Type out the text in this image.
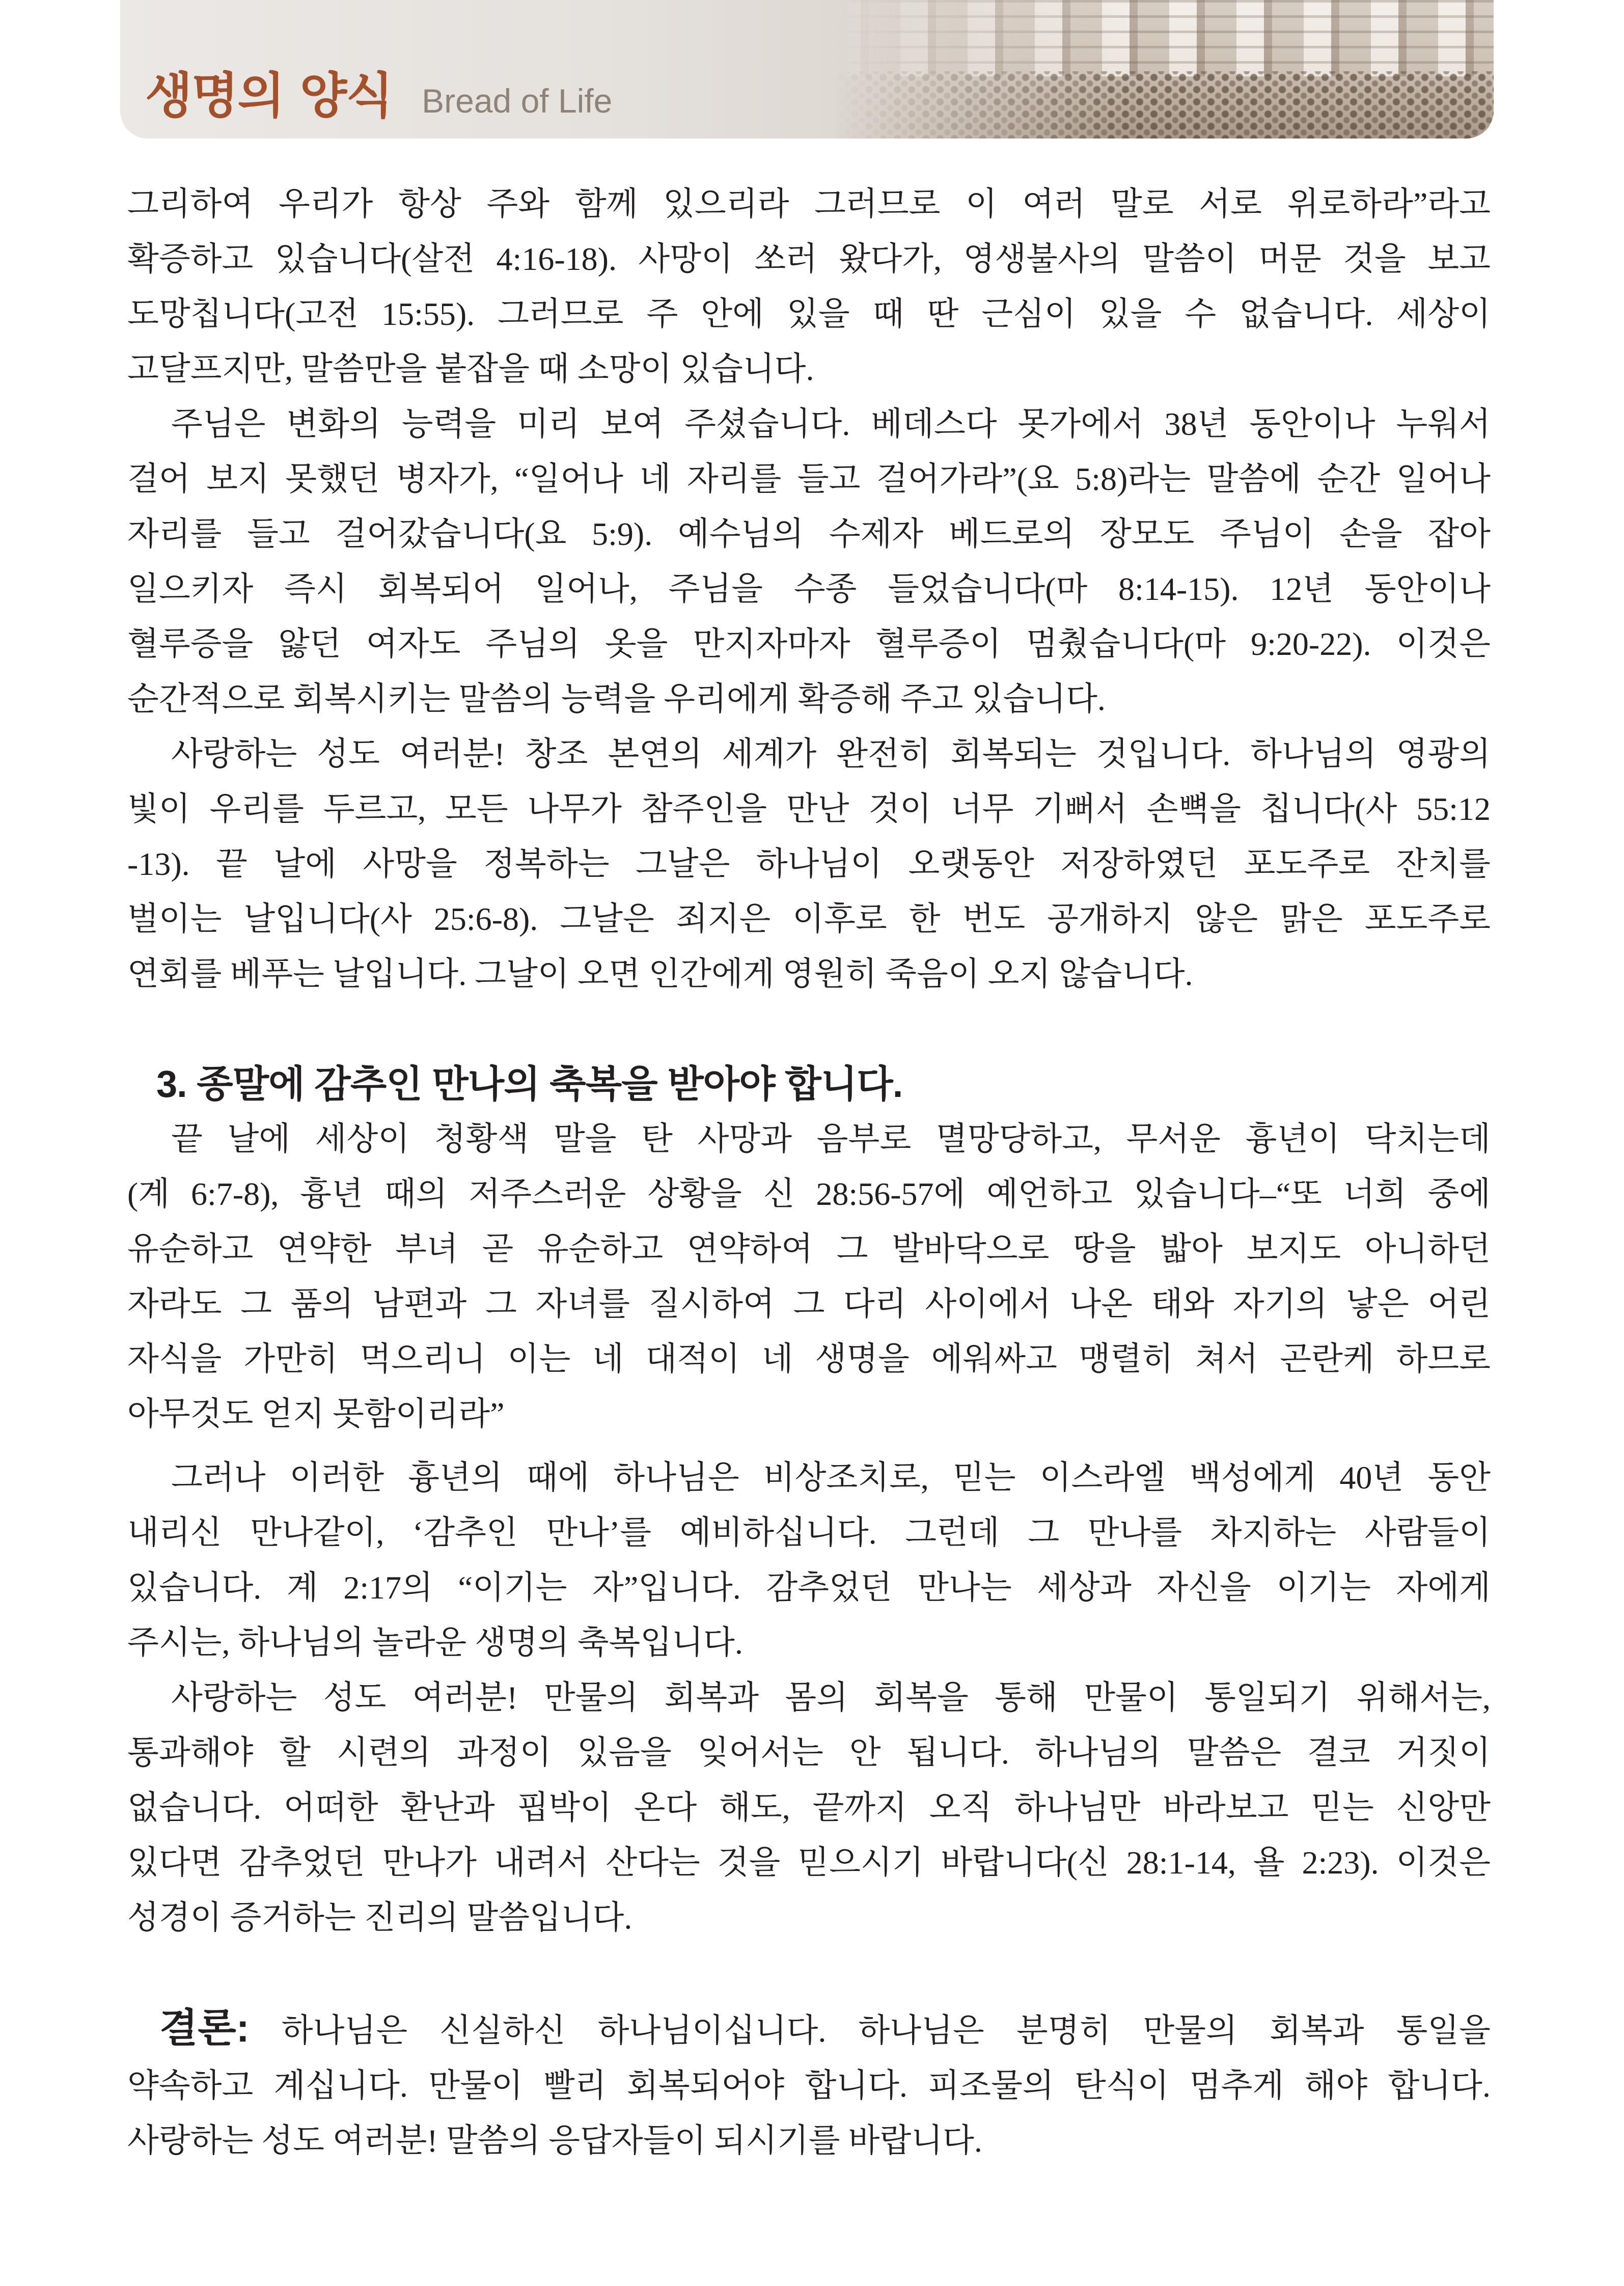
생명의 양식 Bread of Life
그리하여 우리가 항상 주와 함께 있으리라 그러므로 이 여러 말로 서로 위로하라”라고
확증하고 있습니다(살전 4:16-18). 사망이 쏘러 왔다가, 영생불사의 말씀이 머문 것을 보고
도망칩니다(고전 15:55). 그러므로 주 안에 있을 때 딴 근심이 있을 수 없습니다. 세상이
고달프지만, 말씀만을 붙잡을 때 소망이 있습니다.
주님은 변화의 능력을 미리 보여 주셨습니다. 베데스다 못가에서 38년 동안이나 누워서
걸어 보지 못했던 병자가, “일어나 네 자리를 들고 걸어가라”(요 5:8)라는 말씀에 순간 일어나
자리를 들고 걸어갔습니다(요 5:9). 예수님의 수제자 베드로의 장모도 주님이 손을 잡아
일으키자 즉시 회복되어 일어나, 주님을 수종 들었습니다(마 8:14-15). 12년 동안이나
혈루증을 앓던 여자도 주님의 옷을 만지자마자 혈루증이 멈췄습니다(마 9:20-22). 이것은
순간적으로 회복시키는 말씀의 능력을 우리에게 확증해 주고 있습니다.
사랑하는 성도 여러분! 창조 본연의 세계가 완전히 회복되는 것입니다. 하나님의 영광의
빛이 우리를 두르고, 모든 나무가 참주인을 만난 것이 너무 기뻐서 손뼉을 칩니다(사 55:12
-13). 끝 날에 사망을 정복하는 그날은 하나님이 오랫동안 저장하였던 포도주로 잔치를
벌이는 날입니다(사 25:6-8). 그날은 죄지은 이후로 한 번도 공개하지 않은 맑은 포도주로
연회를 베푸는 날입니다. 그날이 오면 인간에게 영원히 죽음이 오지 않습니다.
3. 종말에 감추인 만나의 축복을 받아야 합니다.
끝 날에 세상이 청황색 말을 탄 사망과 음부로 멸망당하고, 무서운 흉년이 닥치는데
(계 6:7-8), 흉년 때의 저주스러운 상황을 신 28:56-57에 예언하고 있습니다–“또 너희 중에
유순하고 연약한 부녀 곧 유순하고 연약하여 그 발바닥으로 땅을 밟아 보지도 아니하던
자라도 그 품의 남편과 그 자녀를 질시하여 그 다리 사이에서 나온 태와 자기의 낳은 어린
자식을 가만히 먹으리니 이는 네 대적이 네 생명을 에워싸고 맹렬히 쳐서 곤란케 하므로
아무것도 얻지 못함이리라”
그러나 이러한 흉년의 때에 하나님은 비상조치로, 믿는 이스라엘 백성에게 40년 동안
내리신 만나같이, ‘감추인 만나’를 예비하십니다. 그런데 그 만나를 차지하는 사람들이
있습니다. 계 2:17의 “이기는 자”입니다. 감추었던 만나는 세상과 자신을 이기는 자에게
주시는, 하나님의 놀라운 생명의 축복입니다.
사랑하는 성도 여러분! 만물의 회복과 몸의 회복을 통해 만물이 통일되기 위해서는,
통과해야 할 시련의 과정이 있음을 잊어서는 안 됩니다. 하나님의 말씀은 결코 거짓이
없습니다. 어떠한 환난과 핍박이 온다 해도, 끝까지 오직 하나님만 바라보고 믿는 신앙만
있다면 감추었던 만나가 내려서 산다는 것을 믿으시기 바랍니다(신 28:1-14, 욜 2:23). 이것은
성경이 증거하는 진리의 말씀입니다.
결론: 하나님은 신실하신 하나님이십니다. 하나님은 분명히 만물의 회복과 통일을
약속하고 계십니다. 만물이 빨리 회복되어야 합니다. 피조물의 탄식이 멈추게 해야 합니다.
사랑하는 성도 여러분! 말씀의 응답자들이 되시기를 바랍니다.
